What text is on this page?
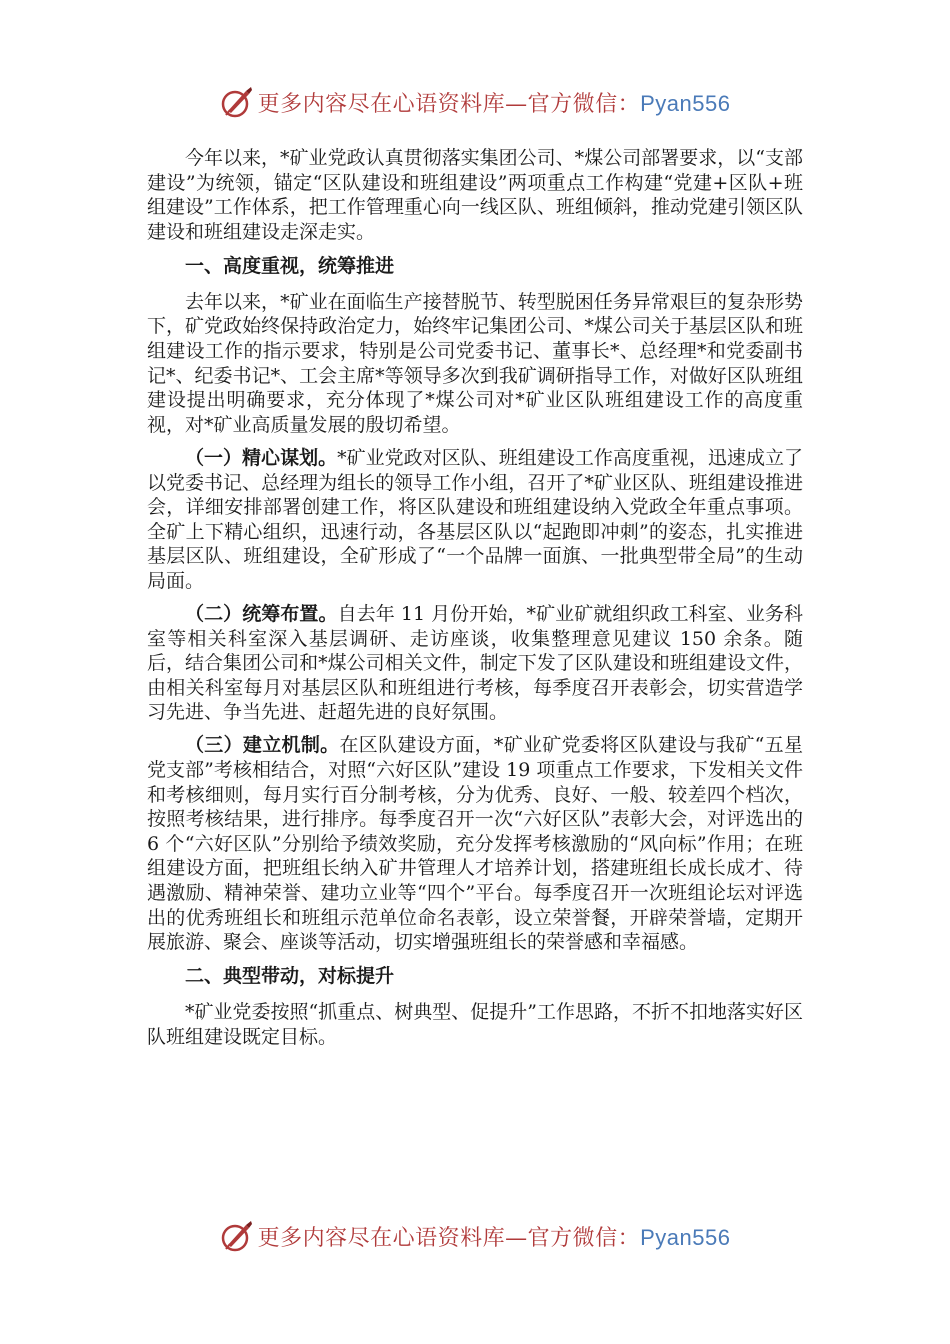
更多内容尽在心语资料库—官方微信：Pyan556

今年以来，*矿业党政认真贯彻落实集团公司、*煤公司部署要求，以“支部建设”为统领，锚定“区队建设和班组建设”两项重点工作构建“党建+区队+班组建设”工作体系，把工作管理重心向一线区队、班组倾斜，推动党建引领区队建设和班组建设走深走实。

一、高度重视，统筹推进

去年以来，*矿业在面临生产接替脱节、转型脱困任务异常艰巨的复杂形势下，矿党政始终保持政治定力，始终牢记集团公司、*煤公司关于基层区队和班组建设工作的指示要求，特别是公司党委书记、董事长*、总经理*和党委副书记*、纪委书记*、工会主席*等领导多次到我矿调研指导工作，对做好区队班组建设提出明确要求，充分体现了*煤公司对*矿业区队班组建设工作的高度重视，对*矿业高质量发展的殷切希望。

（一）精心谋划。*矿业党政对区队、班组建设工作高度重视，迅速成立了以党委书记、总经理为组长的领导工作小组，召开了*矿业区队、班组建设推进会，详细安排部署创建工作，将区队建设和班组建设纳入党政全年重点事项。全矿上下精心组织，迅速行动，各基层区队以“起跑即冲刺”的姿态，扎实推进基层区队、班组建设，全矿形成了“一个品牌一面旗、一批典型带全局”的生动局面。

（二）统筹布置。自去年 11 月份开始，*矿业矿就组织政工科室、业务科室等相关科室深入基层调研、走访座谈，收集整理意见建议 150 余条。随后，结合集团公司和*煤公司相关文件，制定下发了区队建设和班组建设文件，由相关科室每月对基层区队和班组进行考核，每季度召开表彰会，切实营造学习先进、争当先进、赶超先进的良好氛围。

（三）建立机制。在区队建设方面，*矿业矿党委将区队建设与我矿“五星党支部”考核相结合，对照“六好区队”建设 19 项重点工作要求，下发相关文件和考核细则，每月实行百分制考核，分为优秀、良好、一般、较差四个档次，按照考核结果，进行排序。每季度召开一次“六好区队”表彰大会，对评选出的 6 个“六好区队”分别给予绩效奖励，充分发挥考核激励的“风向标”作用；在班组建设方面，把班组长纳入矿井管理人才培养计划，搭建班组长成长成才、待遇激励、精神荣誉、建功立业等“四个”平台。每季度召开一次班组论坛对评选出的优秀班组长和班组示范单位命名表彰，设立荣誉餐，开辟荣誉墙，定期开展旅游、聚会、座谈等活动，切实增强班组长的荣誉感和幸福感。

二、典型带动，对标提升

*矿业党委按照“抓重点、树典型、促提升”工作思路，不折不扣地落实好区队班组建设既定目标。

更多内容尽在心语资料库—官方微信：Pyan556
